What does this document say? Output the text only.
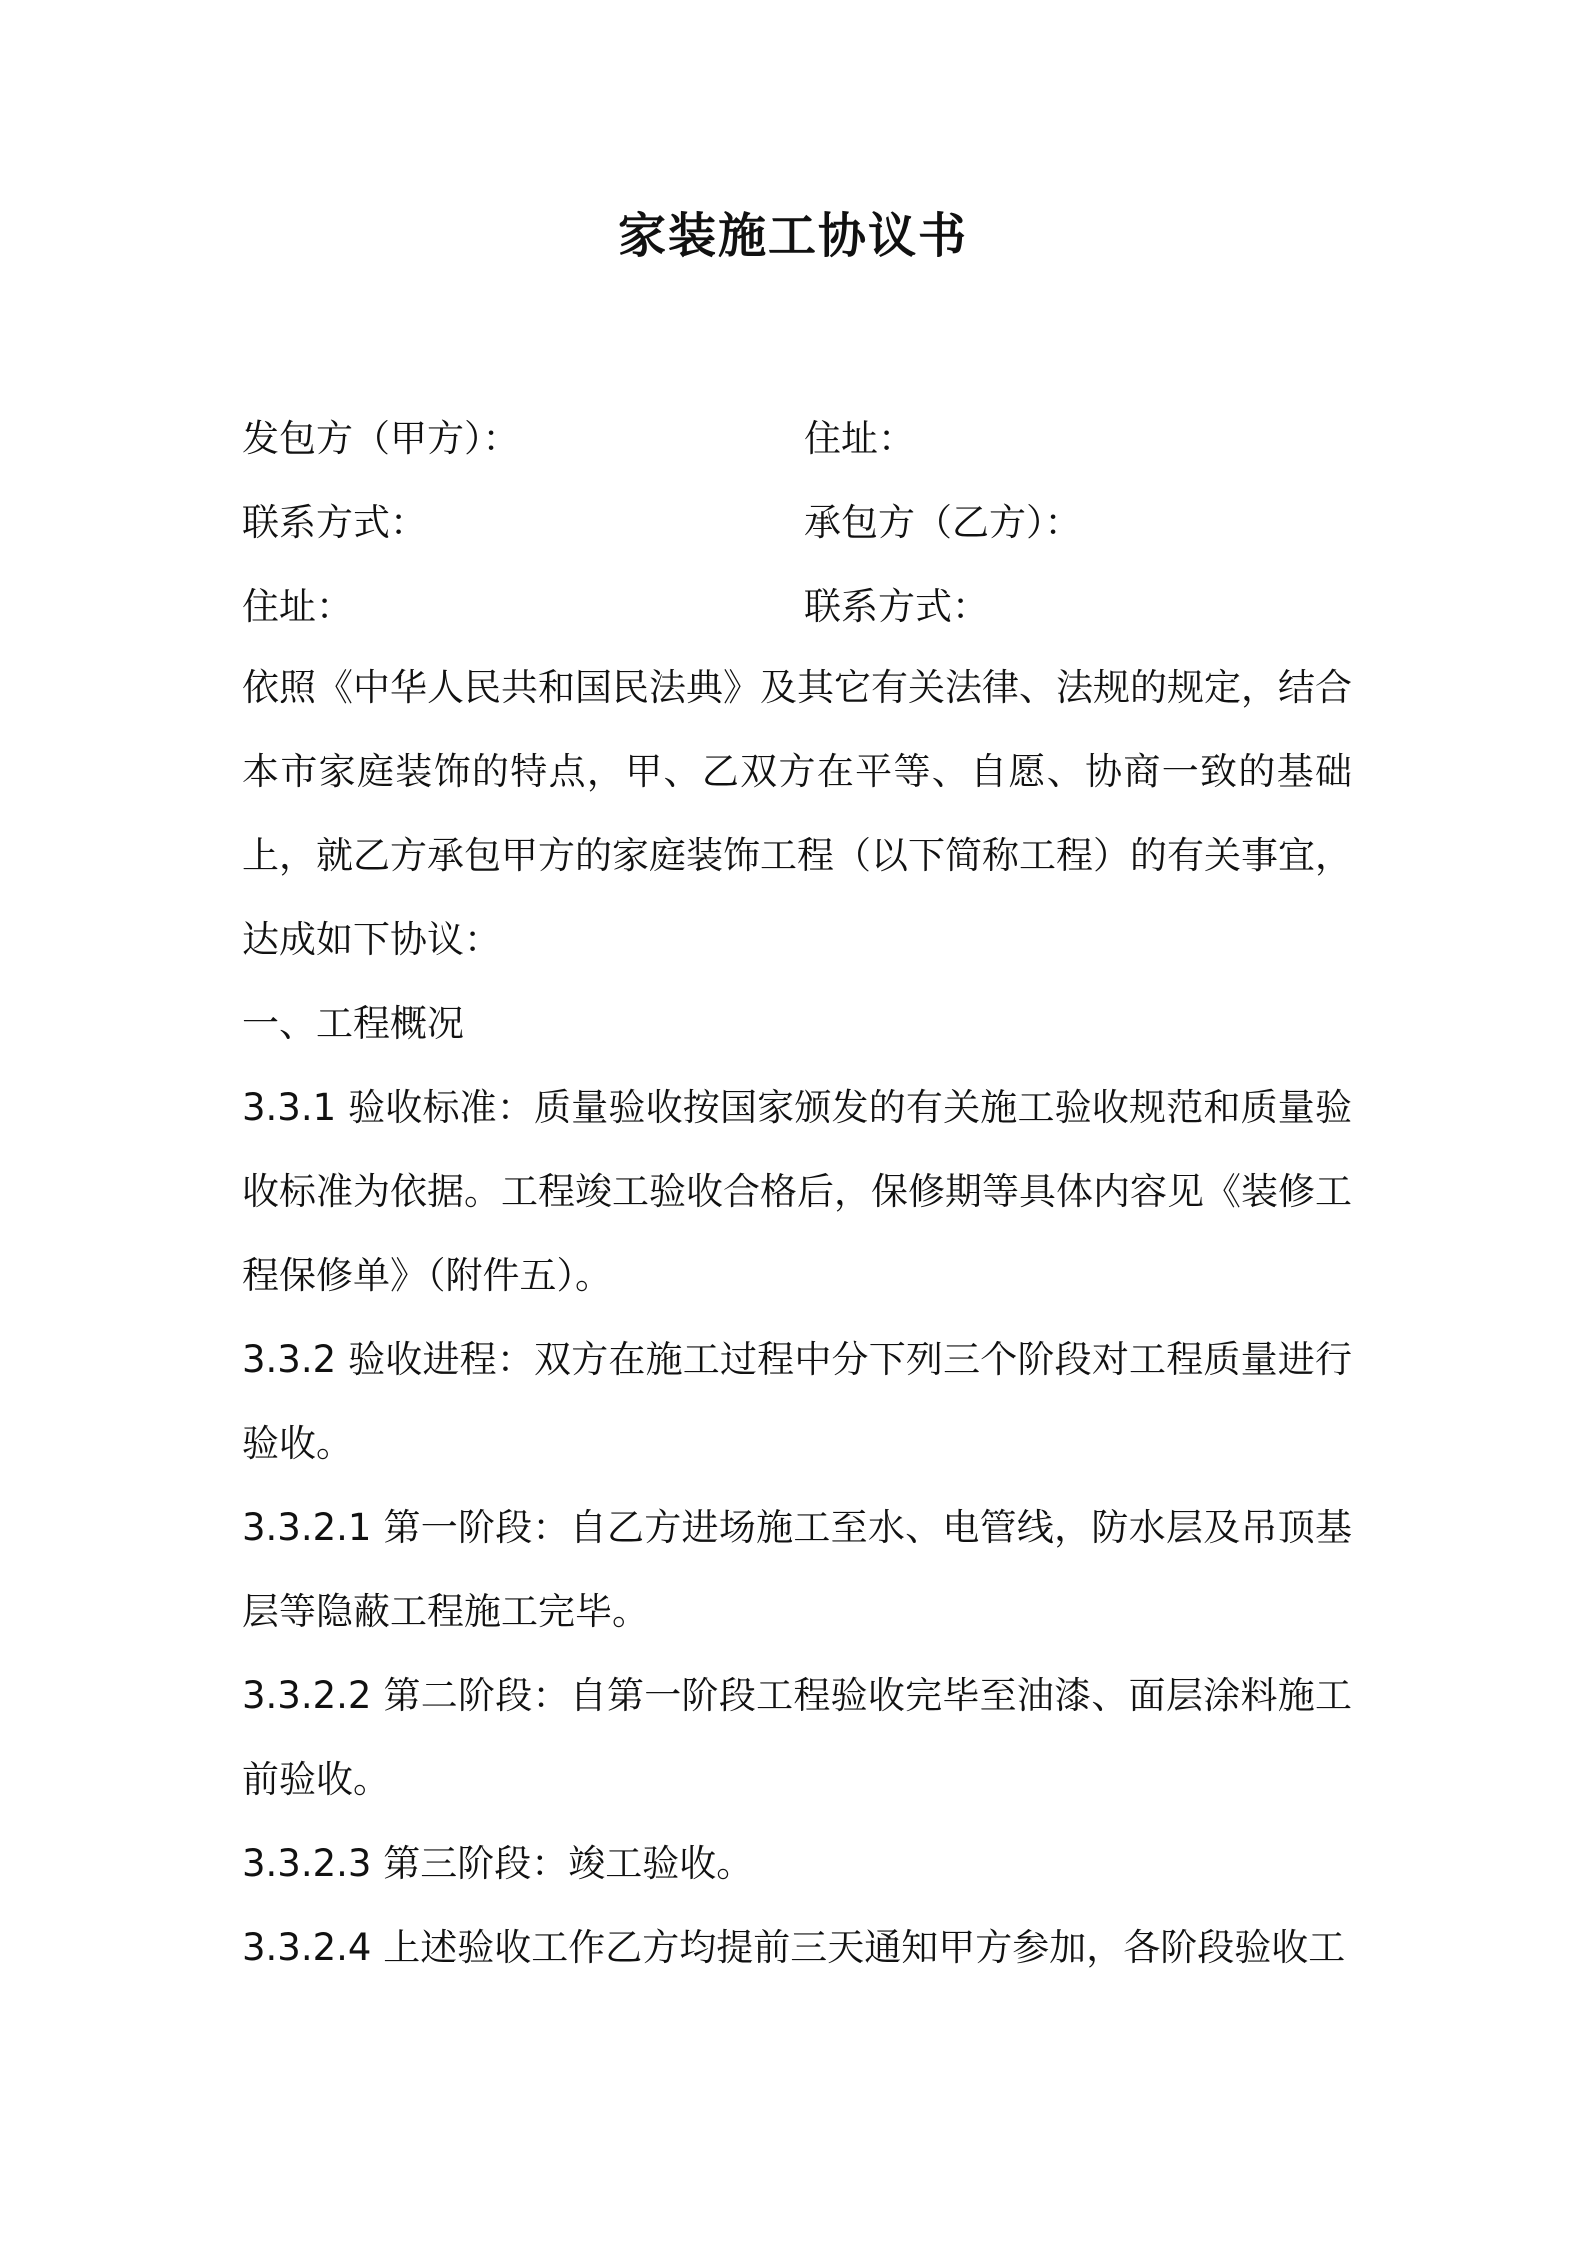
家装施工协议书
发包方（甲方）：	住址：
联系方式：	承包方（乙方）：
住址：	联系方式：

依照《中华人民共和国民法典》及其它有关法律、法规的规定，结合本市家庭装饰的特点，甲、乙双方在平等、自愿、协商一致的基础上，就乙方承包甲方的家庭装饰工程（以下简称工程）的有关事宜，达成如下协议：

一、工程概况

3.3.1 验收标准：质量验收按国家颁发的有关施工验收规范和质量验收标准为依据。工程竣工验收合格后，保修期等具体内容见《装修工程保修单》（附件五）。

3.3.2 验收进程：双方在施工过程中分下列三个阶段对工程质量进行验收。

3.3.2.1 第一阶段：自乙方进场施工至水、电管线，防水层及吊顶基层等隐蔽工程施工完毕。

3.3.2.2 第二阶段：自第一阶段工程验收完毕至油漆、面层涂料施工前验收。

3.3.2.3 第三阶段：竣工验收。

3.3.2.4 上述验收工作乙方均提前三天通知甲方参加，各阶段验收工
